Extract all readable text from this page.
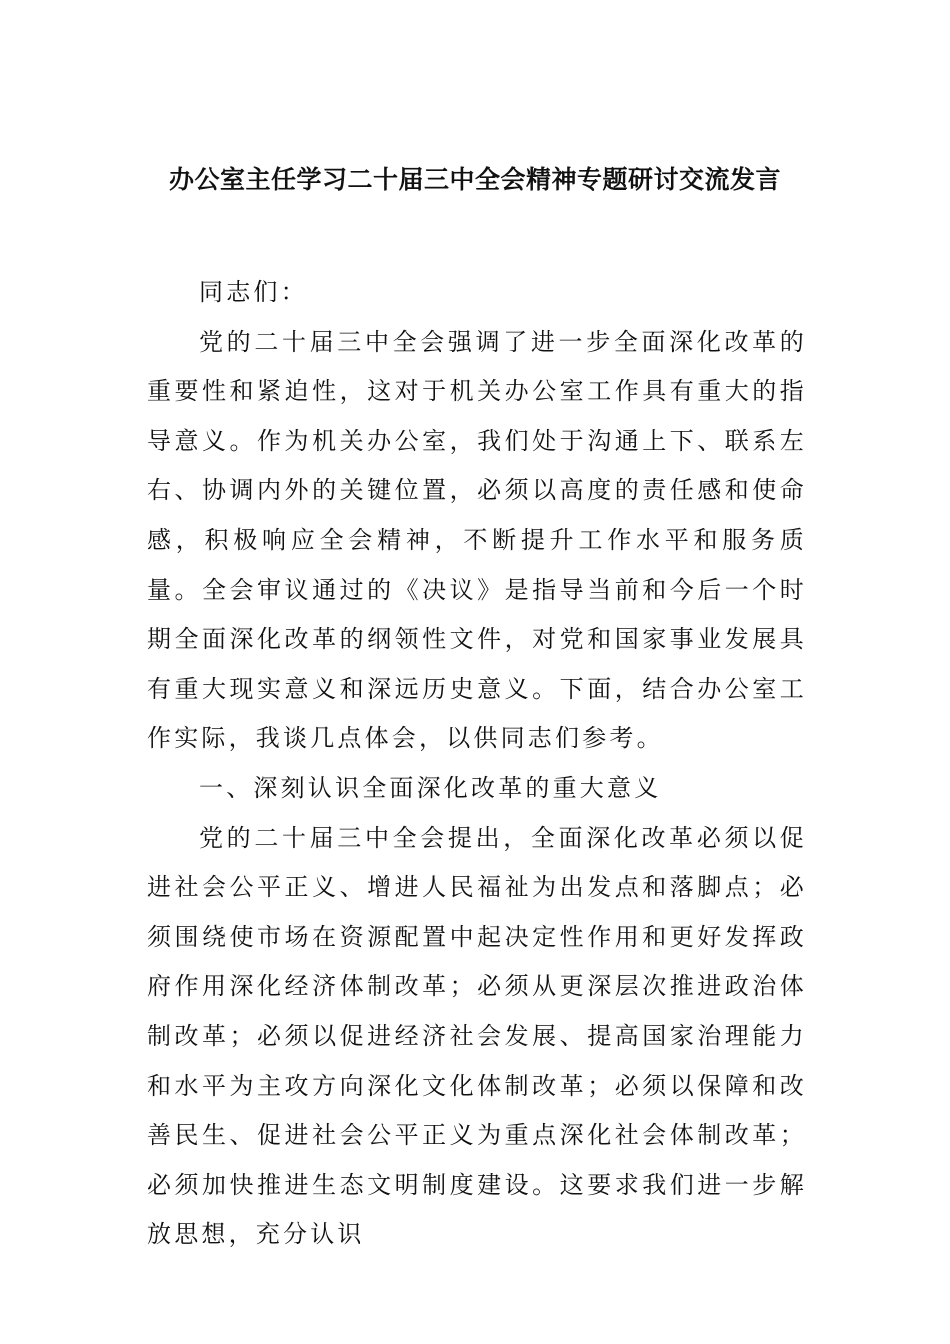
办公室主任学习二十届三中全会精神专题研讨交流发言

同志们：

党的二十届三中全会强调了进一步全面深化改革的重要性和紧迫性，这对于机关办公室工作具有重大的指导意义。作为机关办公室，我们处于沟通上下、联系左右、协调内外的关键位置，必须以高度的责任感和使命感，积极响应全会精神，不断提升工作水平和服务质量。全会审议通过的《决议》是指导当前和今后一个时期全面深化改革的纲领性文件，对党和国家事业发展具有重大现实意义和深远历史意义。下面，结合办公室工作实际，我谈几点体会，以供同志们参考。

一、深刻认识全面深化改革的重大意义

党的二十届三中全会提出，全面深化改革必须以促进社会公平正义、增进人民福祉为出发点和落脚点；必须围绕使市场在资源配置中起决定性作用和更好发挥政府作用深化经济体制改革；必须从更深层次推进政治体制改革；必须以促进经济社会发展、提高国家治理能力和水平为主攻方向深化文化体制改革；必须以保障和改善民生、促进社会公平正义为重点深化社会体制改革；必须加快推进生态文明制度建设。这要求我们进一步解放思想，充分认识
